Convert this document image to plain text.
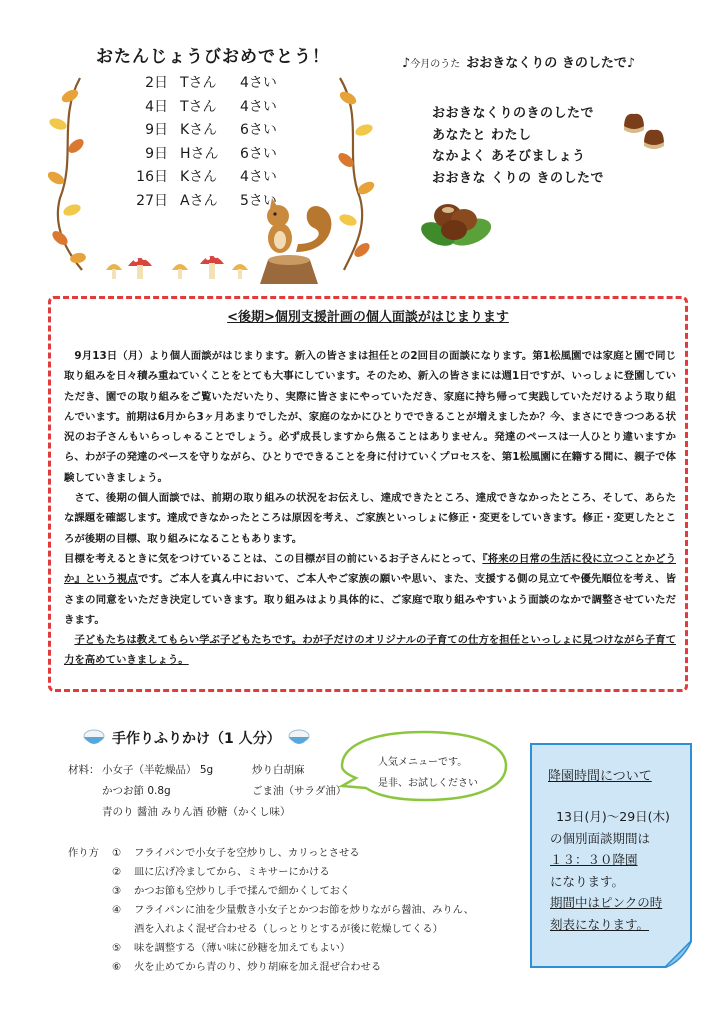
おたんじょうびおめでとう！
2日 Tさん	4さい
4日 Tさん	4さい
9日 Kさん	6さい
9日 Hさん	6さい
16日 Kさん	4さい
27日 Aさん	5さい
♪今月のうた おおきなくりの きのしたで♪
おおきなくりのきのしたで
あなたと わたし
なかよく あそびましょう
おおきな くりの きのしたで
<後期>個別支援計画の個人面談がはじまります

9月13日（月）より個人面談がはじまります。新入の皆さまは担任との2回目の面談になります。第1松風園では家庭と園で同じ取り組みを日々積み重ねていくことをとても大事にしています。そのため、新入の皆さまには週1日ですが、いっしょに登園していただき、園での取り組みをご覧いただいたり、実際に皆さまにやっていただき、家庭に持ち帰って実践していただけるよう取り組んでいます。前期は6月から3ヶ月あまりでしたが、家庭のなかにひとりでできることが増えましたか？今、まさにできつつある状況のお子さんもいらっしゃることでしょう。必ず成長しますから焦ることはありません。発達のペースは一人ひとり違いますから、わが子の発達のペースを守りながら、ひとりでできることを身に付けていくプロセスを、第1松風園に在籍する間に、親子で体験していきましょう。

さて、後期の個人面談では、前期の取り組みの状況をお伝えし、達成できたところ、達成できなかったところ、そして、あらたな課題を確認します。達成できなかったところは原因を考え、ご家族といっしょに修正・変更をしていきます。修正・変更したところが後期の目標、取り組みになることもあります。

目標を考えるときに気をつけていることは、この目標が目の前にいるお子さんにとって、『将来の日常の生活に役に立つことかどうか』という視点です。ご本人を真ん中において、ご本人やご家族の願いや思い、また、支援する側の見立てや優先順位を考え、皆さまの同意をいただき決定していきます。取り組みはより具体的に、ご家庭で取り組みやすいよう面談のなかで調整させていただきます。

子どもたちは教えてもらい学ぶ子どもたちです。わが子だけのオリジナルの子育ての仕方を担任といっしょに見つけながら子育て力を高めていきましょう。

手作りふりかけ（1 人分）
材料： 小女子（半乾燥品） 5g	炒り白胡麻
かつお節 0.8g	ごま油（サラダ油）
青のり 醤油 みりん酒 砂糖（かくし味）
作り方	①	フライパンで小女子を空炒りし、カリっとさせる
②	皿に広げ冷ましてから、ミキサーにかける
③	かつお節も空炒りし手で揉んで細かくしておく
④	フライパンに油を少量敷き小女子とかつお節を炒りながら醤油、みりん、
酒を入れよく混ぜ合わせる（しっとりとするが後に乾燥してくる）
⑤	味を調整する（薄い味に砂糖を加えてもよい）
⑥	火を止めてから青のり、炒り胡麻を加え混ぜ合わせる
人気メニューです。
是非、お試しください	降園時間について
13日(月)～29日(木)
の個別面談期間は
１３：３０降園
になります。
期間中はピンクの時
刻表になります。
